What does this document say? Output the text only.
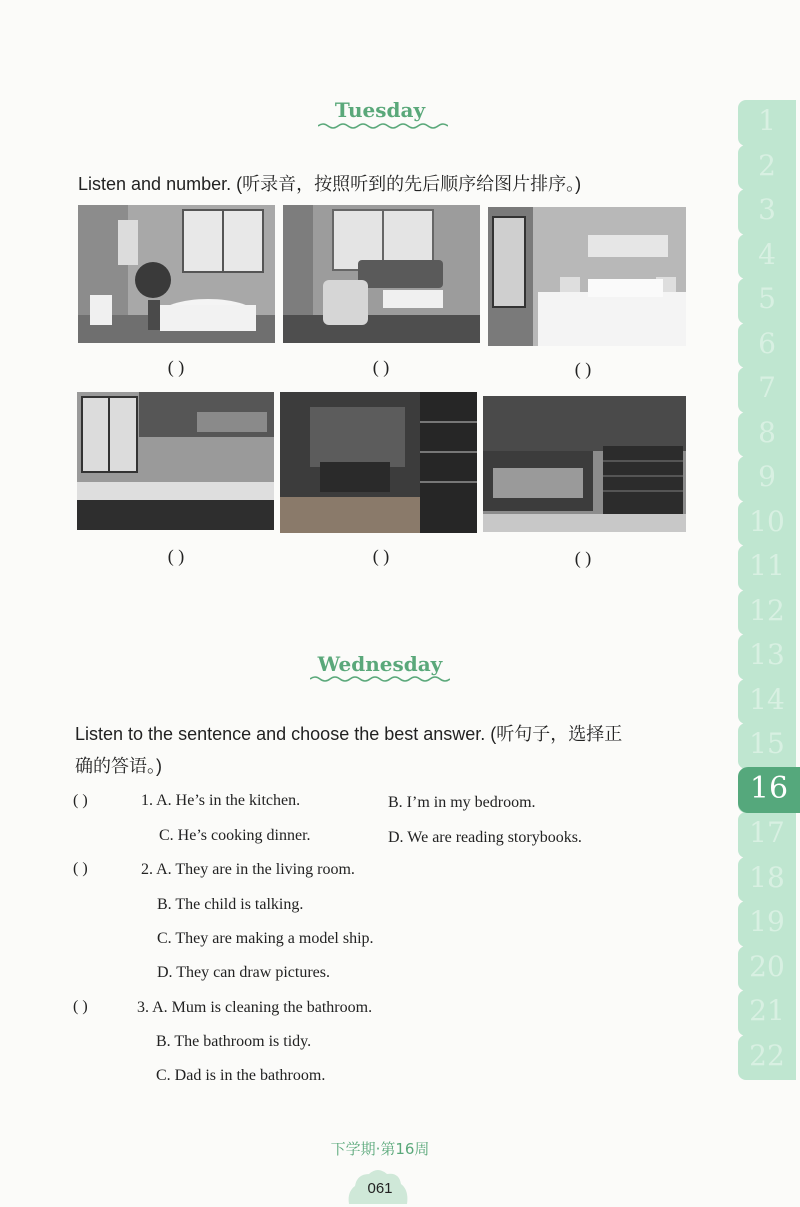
Tuesday
Listen and number. (听录音，按照听到的先后顺序给图片排序。)
( )	( )	( )
( )	( )	( )
Wednesday
Listen to the sentence and choose the best answer. (听句子，选择正
确的答语。)
( )	1. A. He’s in the kitchen.	B. I’m in my bedroom.
C. He’s cooking dinner.	D. We are reading storybooks.
( )	2. A. They are in the living room.
B. The child is talking.
C. They are making a model ship.
D. They can draw pictures.
( )	3. A. Mum is cleaning the bathroom.
B. The bathroom is tidy.
C. Dad is in the bathroom.
1
2
3
4
5
6
7
8
9
10
11
12
13
14
15
17
18
19
20
21
22
下学期·第16周
061
16
